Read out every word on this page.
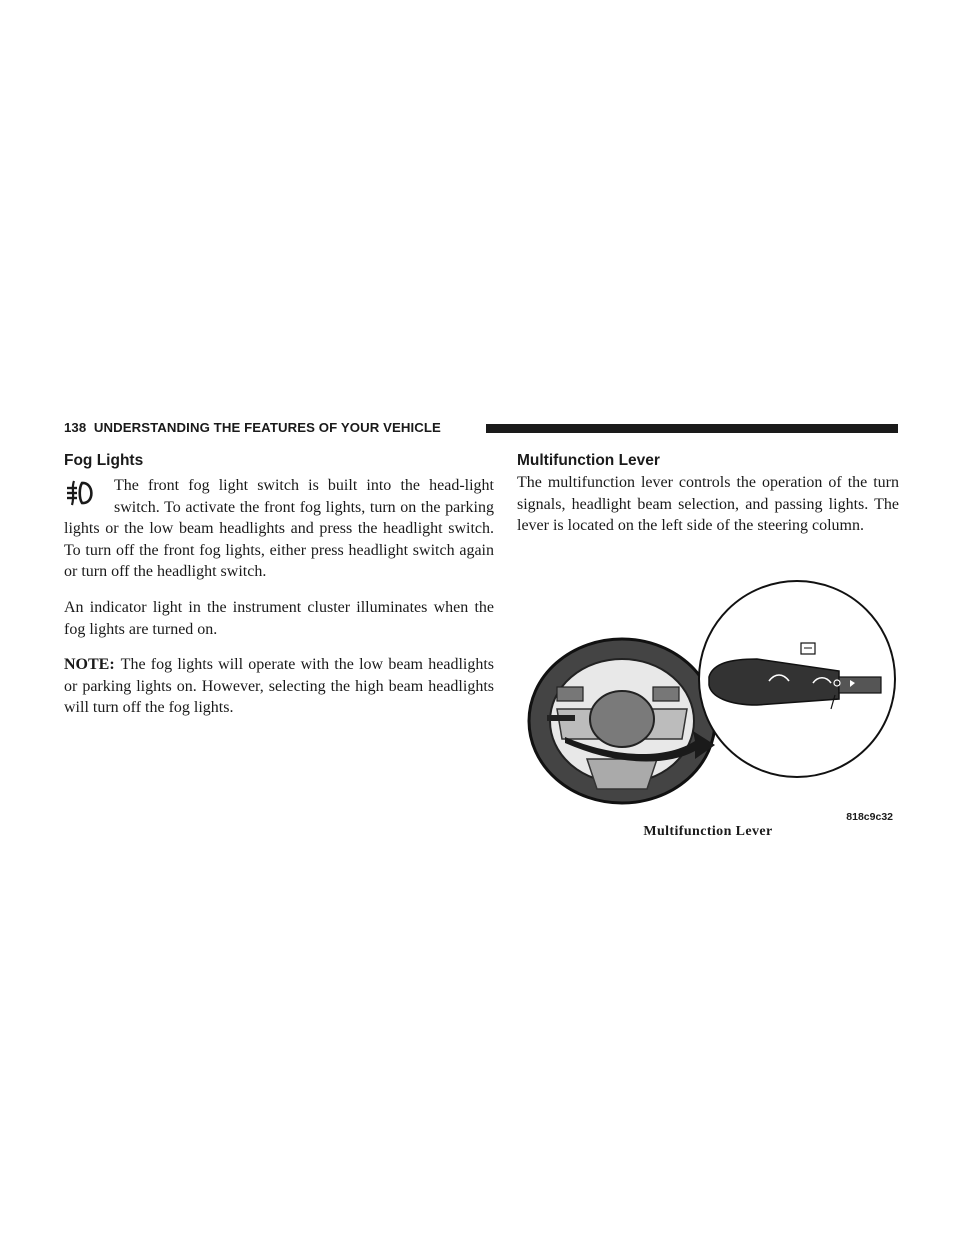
138 UNDERSTANDING THE FEATURES OF YOUR VEHICLE
Fog Lights

The front fog light switch is built into the head-light switch. To activate the front fog lights, turn on the parking lights or the low beam headlights and press the headlight switch. To turn off the front fog lights, either press headlight switch again or turn off the headlight switch.

An indicator light in the instrument cluster illuminates when the fog lights are turned on.

NOTE: The fog lights will operate with the low beam headlights or parking lights on. However, selecting the high beam headlights will turn off the fog lights.

Multifunction Lever

The multifunction lever controls the operation of the turn signals, headlight beam selection, and passing lights. The lever is located on the left side of the steering column.

818c9c32
Multifunction Lever
